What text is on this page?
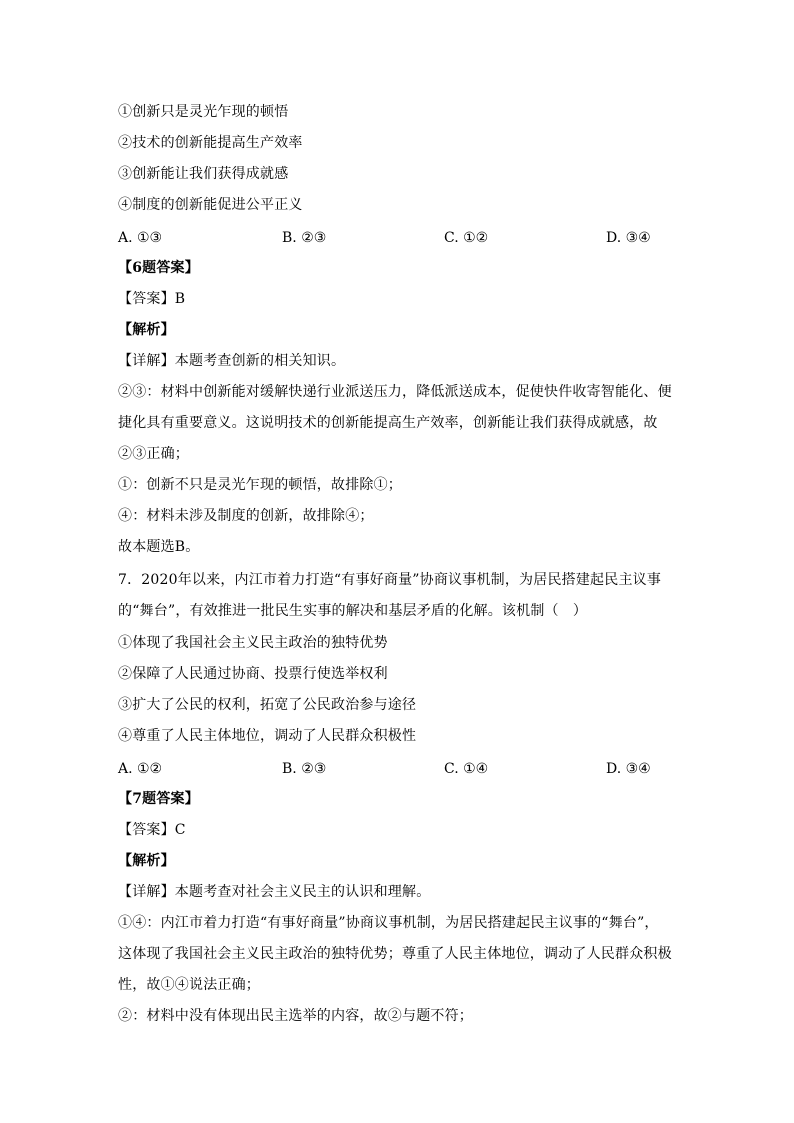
①创新只是灵光乍现的顿悟
②技术的创新能提高生产效率
③创新能让我们获得成就感
④制度的创新能促进公平正义
A. ①③	B. ②③	C. ①②	D. ③④
【6题答案】
【答案】B
【解析】
【详解】本题考查创新的相关知识。
②③：材料中创新能对缓解快递行业派送压力，降低派送成本，促使快件收寄智能化、便
捷化具有重要意义。这说明技术的创新能提高生产效率，创新能让我们获得成就感，故
②③正确；
①：创新不只是灵光乍现的顿悟，故排除①；
④：材料未涉及制度的创新，故排除④；
故本题选B。
7．2020年以来，内江市着力打造“有事好商量”协商议事机制，为居民搭建起民主议事
的“舞台”，有效推进一批民生实事的解决和基层矛盾的化解。该机制（　）
①体现了我国社会主义民主政治的独特优势
②保障了人民通过协商、投票行使选举权利
③扩大了公民的权利，拓宽了公民政治参与途径
④尊重了人民主体地位，调动了人民群众积极性
A. ①②	B. ②③	C. ①④	D. ③④
【7题答案】
【答案】C
【解析】
【详解】本题考查对社会主义民主的认识和理解。
①④：内江市着力打造“有事好商量”协商议事机制，为居民搭建起民主议事的“舞台”，
这体现了我国社会主义民主政治的独特优势；尊重了人民主体地位，调动了人民群众积极
性，故①④说法正确；
②：材料中没有体现出民主选举的内容，故②与题不符；
